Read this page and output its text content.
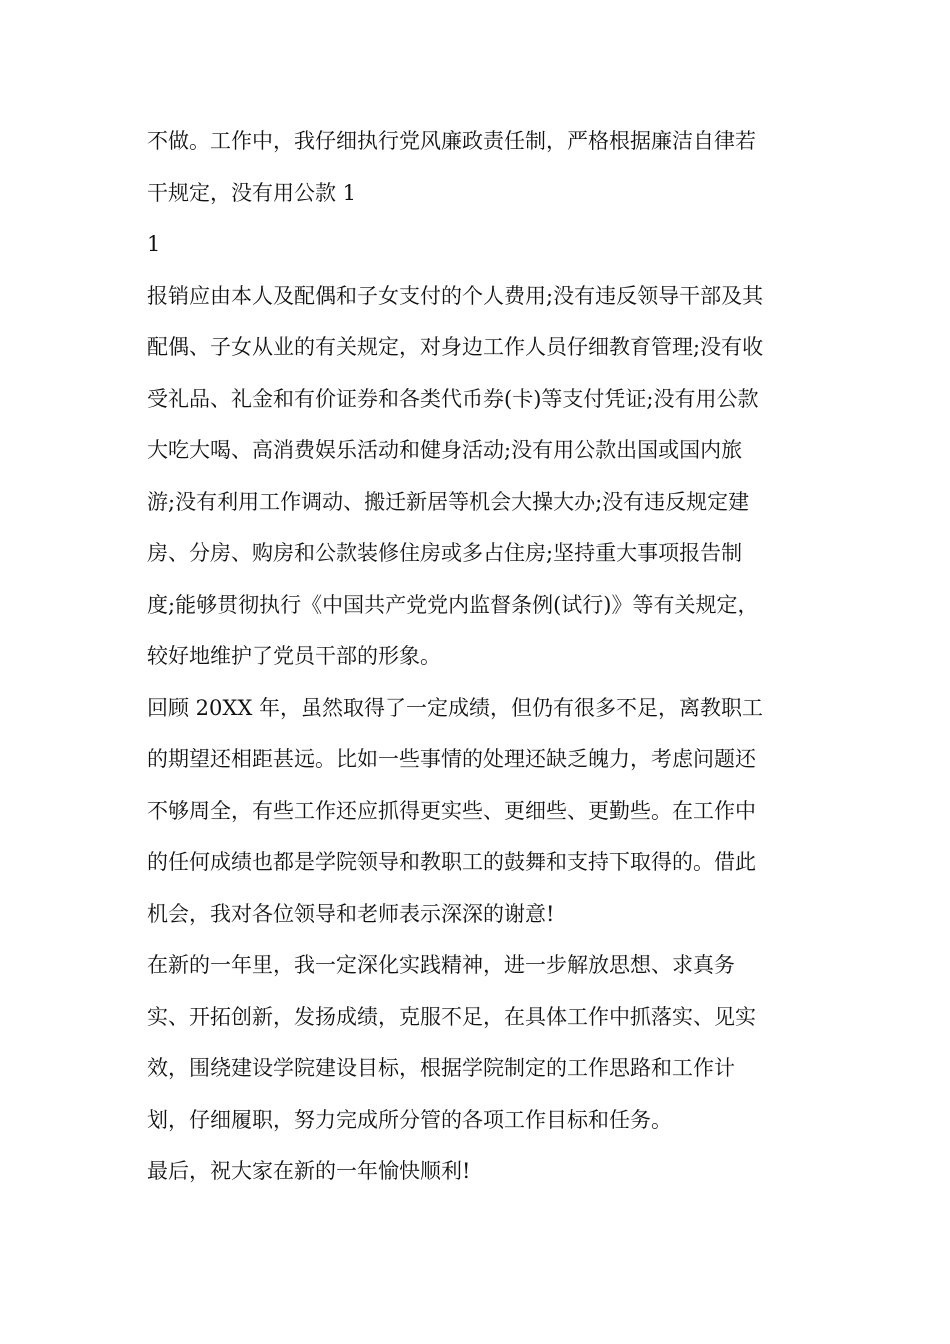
不做。工作中，我仔细执行党风廉政责任制，严格根据廉洁自律若
干规定，没有用公款 1

1

报销应由本人及配偶和子女支付的个人费用;没有违反领导干部及其
配偶、子女从业的有关规定，对身边工作人员仔细教育管理;没有收
受礼品、礼金和有价证券和各类代币券(卡)等支付凭证;没有用公款
大吃大喝、高消费娱乐活动和健身活动;没有用公款出国或国内旅
游;没有利用工作调动、搬迁新居等机会大操大办;没有违反规定建
房、分房、购房和公款装修住房或多占住房;坚持重大事项报告制
度;能够贯彻执行《中国共产党党内监督条例(试行)》等有关规定，
较好地维护了党员干部的形象。

回顾 20XX 年，虽然取得了一定成绩，但仍有很多不足，离教职工
的期望还相距甚远。比如一些事情的处理还缺乏魄力，考虑问题还
不够周全，有些工作还应抓得更实些、更细些、更勤些。在工作中
的任何成绩也都是学院领导和教职工的鼓舞和支持下取得的。借此
机会，我对各位领导和老师表示深深的谢意!

在新的一年里，我一定深化实践精神，进一步解放思想、求真务
实、开拓创新，发扬成绩，克服不足，在具体工作中抓落实、见实
效，围绕建设学院建设目标，根据学院制定的工作思路和工作计
划，仔细履职，努力完成所分管的各项工作目标和任务。

最后，祝大家在新的一年愉快顺利!
